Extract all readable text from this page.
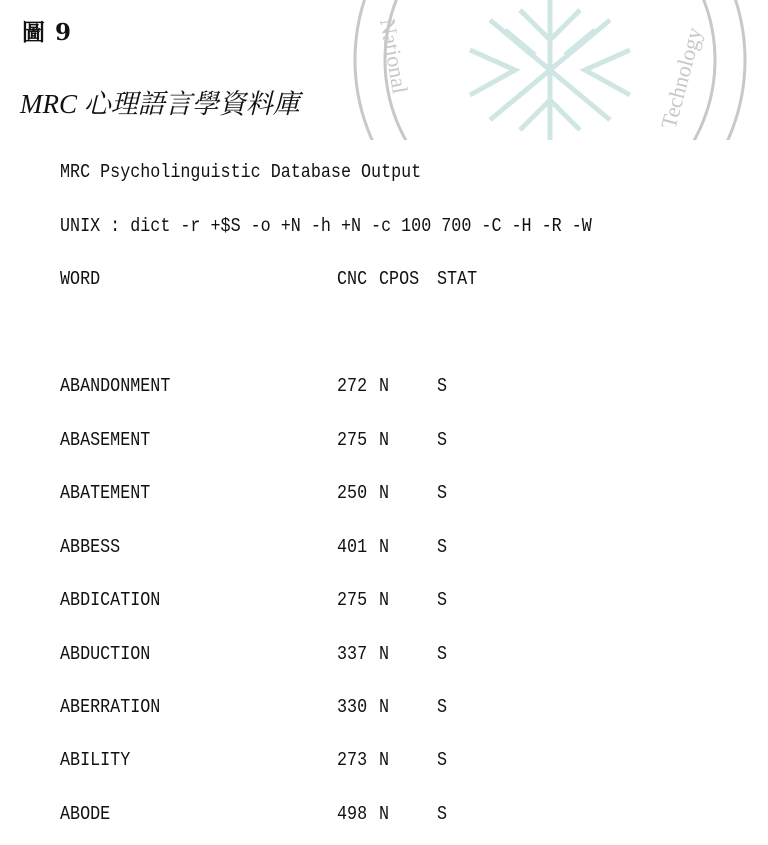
National	Technology
圖 9
MRC 心理語言學資料庫
MRC Psycholinguistic Database Output
UNIX : dict -r +$S -o +N -h +N -c 100 700 -C -H -R -W
WORD	CNC CPOS STAT
ABANDONMENT	272 N	S
ABASEMENT	275 N	S
ABATEMENT	250 N	S
ABBESS	401 N	S
ABDICATION	275 N	S
ABDUCTION	337 N	S
ABERRATION	330 N	S
ABILITY	273 N	S
ABODE	498 N	S
